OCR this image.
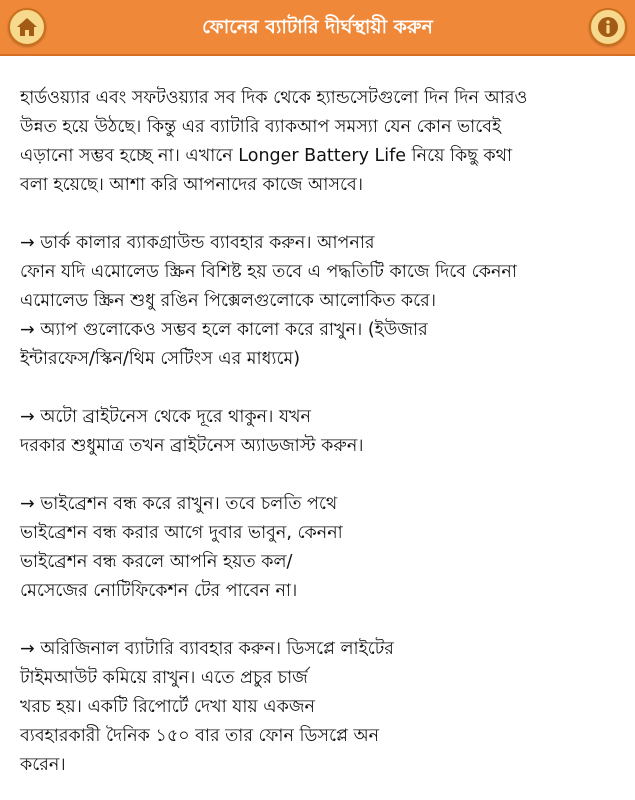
ফোনের ব্যাটারি দীর্ঘস্থায়ী করুন
হার্ডওয়্যার এবং সফটওয়্যার সব দিক থেকে হ্যান্ডসেটগুলো দিন দিন আরও
উন্নত হয়ে উঠছে। কিন্তু এর ব্যাটারি ব্যাকআপ সমস্যা যেন কোন ভাবেই
এড়ানো সম্ভব হচ্ছে না। এখানে Longer Battery Life নিয়ে কিছু কথা
বলা হয়েছে। আশা করি আপনাদের কাজে আসবে।
→ ডার্ক কালার ব্যাকগ্রাউন্ড ব্যাবহার করুন। আপনার
ফোন যদি এমোলেড স্ক্রিন বিশিষ্ট হয় তবে এ পদ্ধতিটি কাজে দিবে কেননা
এমোলেড স্ক্রিন শুধু রঙিন পিক্সেলগুলোকে আলোকিত করে।
→ অ্যাপ গুলোকেও সম্ভব হলে কালো করে রাখুন। (ইউজার
ইন্টারফেস/স্কিন/থিম সেটিংস এর মাধ্যমে)
→ অটো ব্রাইটনেস থেকে দূরে থাকুন। যখন
দরকার শুধুমাত্র তখন ব্রাইটনেস অ্যাডজাস্ট করুন।
→ ভাইব্রেশন বন্ধ করে রাখুন। তবে চলতি পথে
ভাইব্রেশন বন্ধ করার আগে দুবার ভাবুন, কেননা
ভাইব্রেশন বন্ধ করলে আপনি হয়ত কল/
মেসেজের নোটিফিকেশন টের পাবেন না।
→ অরিজিনাল ব্যাটারি ব্যাবহার করুন। ডিসপ্লে লাইটের
টাইমআউট কমিয়ে রাখুন। এতে প্রচুর চার্জ
খরচ হয়। একটি রিপোর্টে দেখা যায় একজন
ব্যবহারকারী দৈনিক ১৫০ বার তার ফোন ডিসপ্লে অন
করেন।
